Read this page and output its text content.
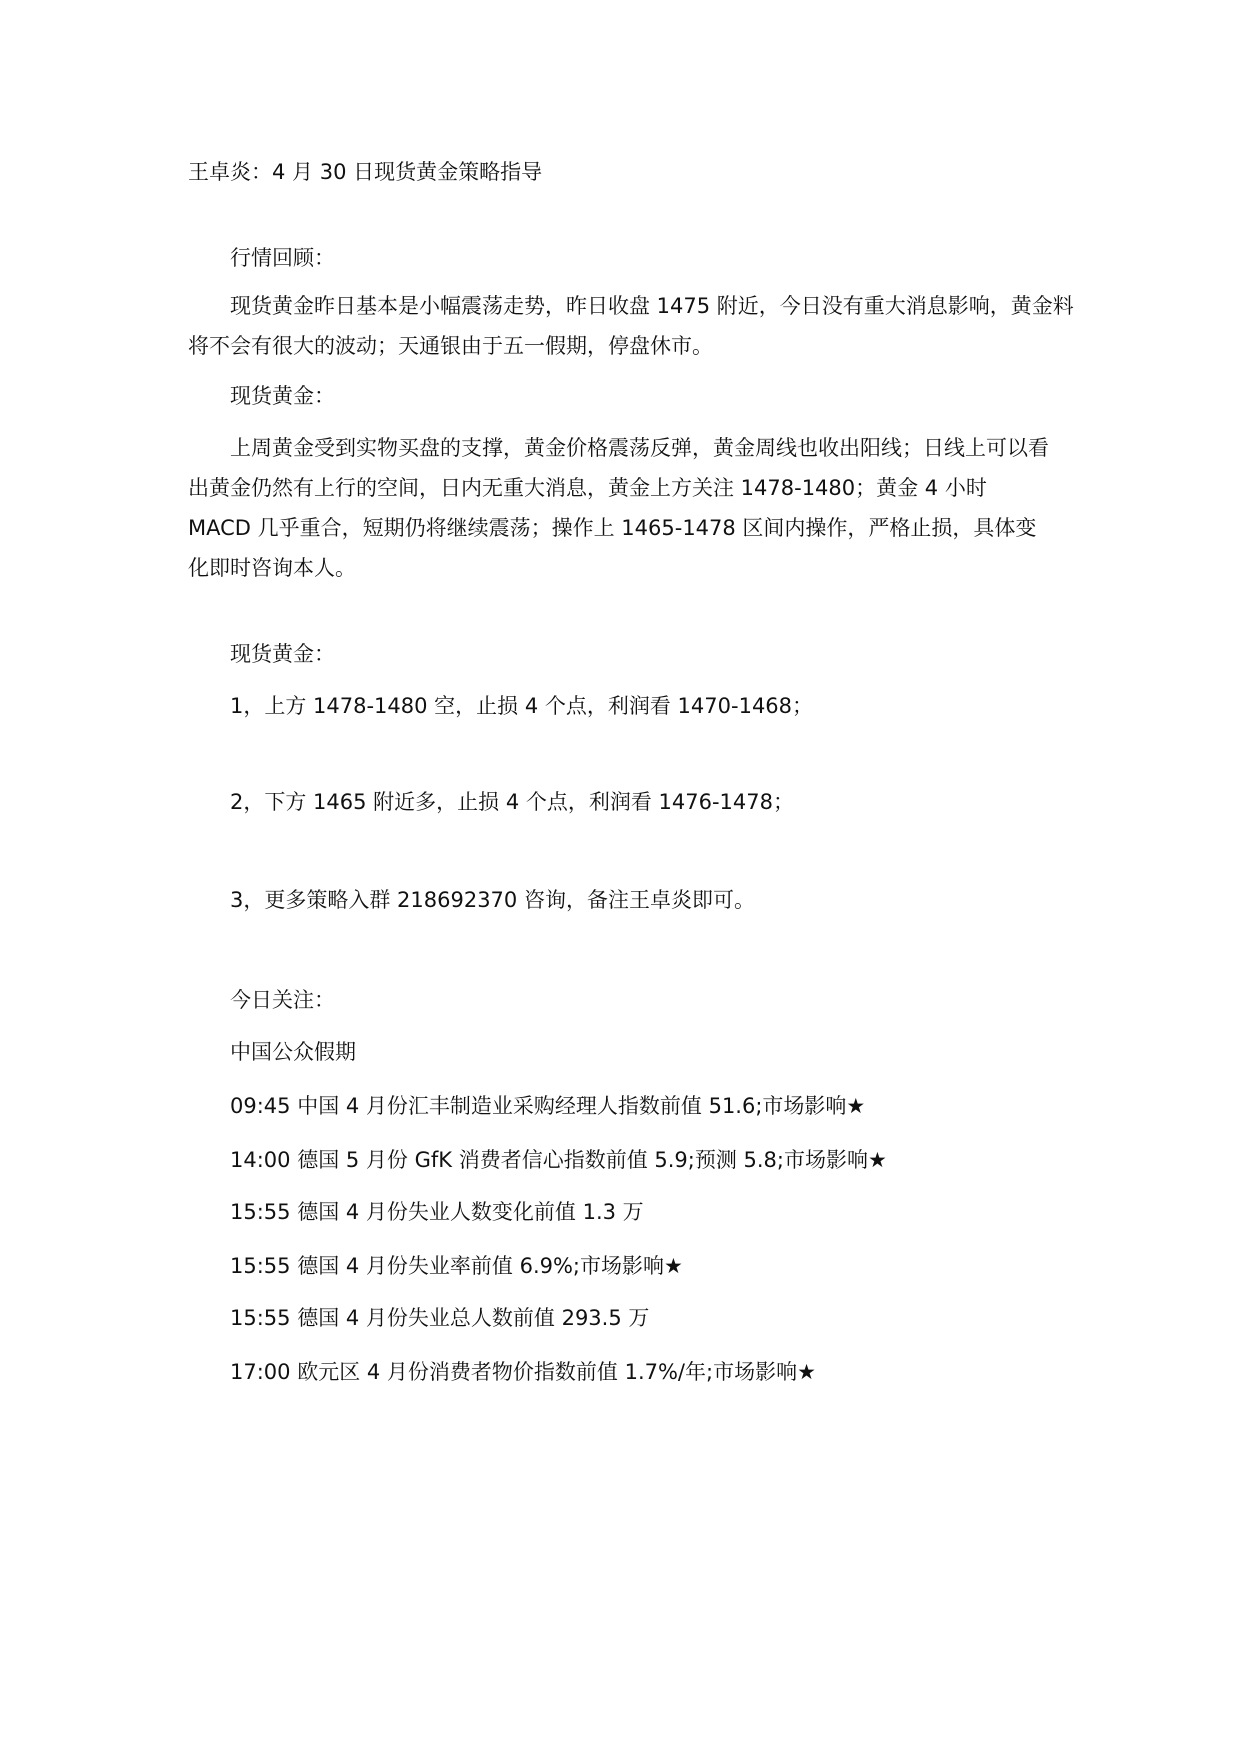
王卓炎：4 月 30 日现货黄金策略指导

行情回顾：

现货黄金昨日基本是小幅震荡走势，昨日收盘 1475 附近，今日没有重大消息影响，黄金料将不会有很大的波动；天通银由于五一假期，停盘休市。

现货黄金：

上周黄金受到实物买盘的支撑，黄金价格震荡反弹，黄金周线也收出阳线；日线上可以看出黄金仍然有上行的空间，日内无重大消息，黄金上方关注 1478-1480；黄金 4 小时 MACD 几乎重合，短期仍将继续震荡；操作上 1465-1478 区间内操作，严格止损，具体变化即时咨询本人。

现货黄金：

1，上方 1478-1480 空，止损 4 个点，利润看 1470-1468；

2，下方 1465 附近多，止损 4 个点，利润看 1476-1478；

3，更多策略入群 218692370 咨询，备注王卓炎即可。

今日关注：

中国公众假期

09:45 中国 4 月份汇丰制造业采购经理人指数前值 51.6;市场影响★

14:00 德国 5 月份 GfK 消费者信心指数前值 5.9;预测 5.8;市场影响★

15:55 德国 4 月份失业人数变化前值 1.3 万

15:55 德国 4 月份失业率前值 6.9%;市场影响★

15:55 德国 4 月份失业总人数前值 293.5 万

17:00 欧元区 4 月份消费者物价指数前值 1.7%/年;市场影响★
